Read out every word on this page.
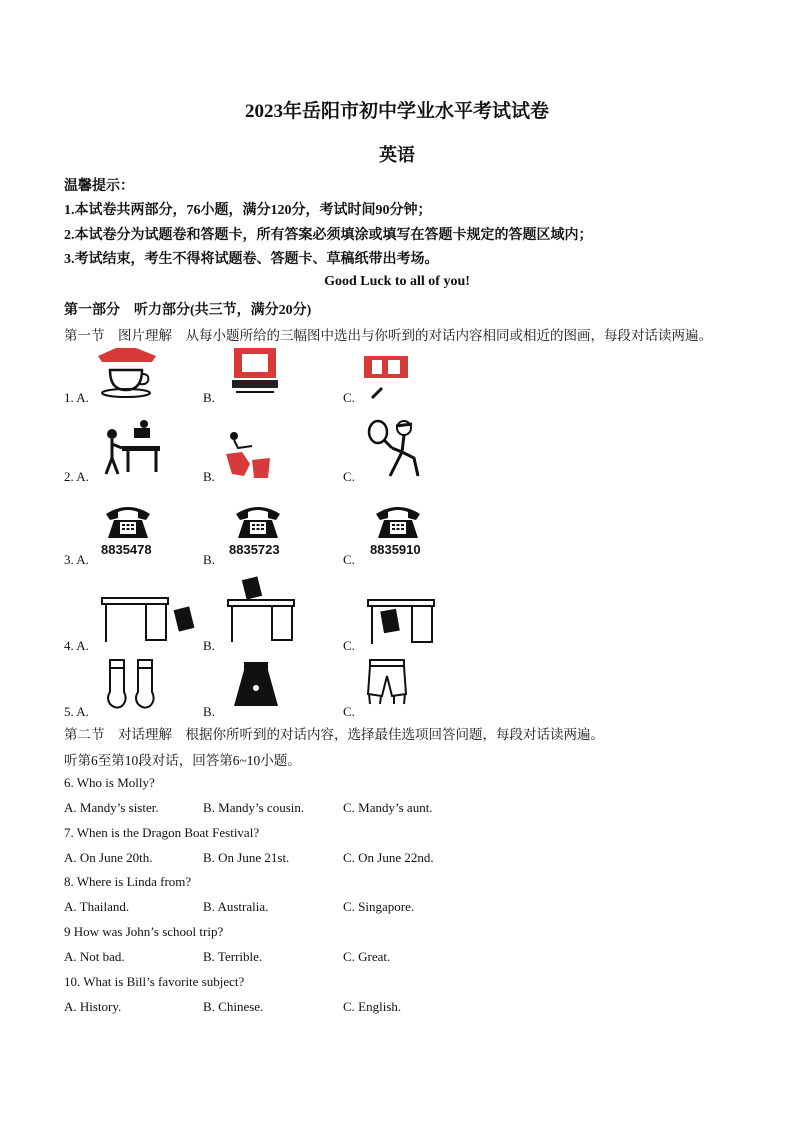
2023年岳阳市初中学业水平考试试卷
英语
温馨提示：
1.本试卷共两部分，76小题，满分120分，考试时间90分钟；
2.本试卷分为试题卷和答题卡，所有答案必须填涂或填写在答题卡规定的答题区域内；
3.考试结束，考生不得将试题卷、答题卡、草稿纸带出考场。
Good Luck to all of you!
第一部分　听力部分(共三节，满分20分)
第一节　图片理解　从每小题所给的三幅图中选出与你听到的对话内容相同或相近的图画，每段对话读两遍。
1. A.	B.	C.
2. A.	B.	C.
3. A.	B.	C.
8835478	8835723	8835910
4. A.	B.	C.
5. A.	B.	C.
第二节　对话理解　根据你所听到的对话内容，选择最佳选项回答问题，每段对话读两遍。
听第6至第10段对话，回答第6~10小题。
6. Who is Molly?
A. Mandy’s sister.	B. Mandy’s cousin.	C. Mandy’s aunt.
7. When is the Dragon Boat Festival?
A. On June 20th.	B. On June 21st.	C. On June 22nd.
8. Where is Linda from?
A. Thailand.	B. Australia.	C. Singapore.
9 How was John’s school trip?
A. Not bad.	B. Terrible.	C. Great.
10. What is Bill’s favorite subject?
A. History.	B. Chinese.	C. English.
